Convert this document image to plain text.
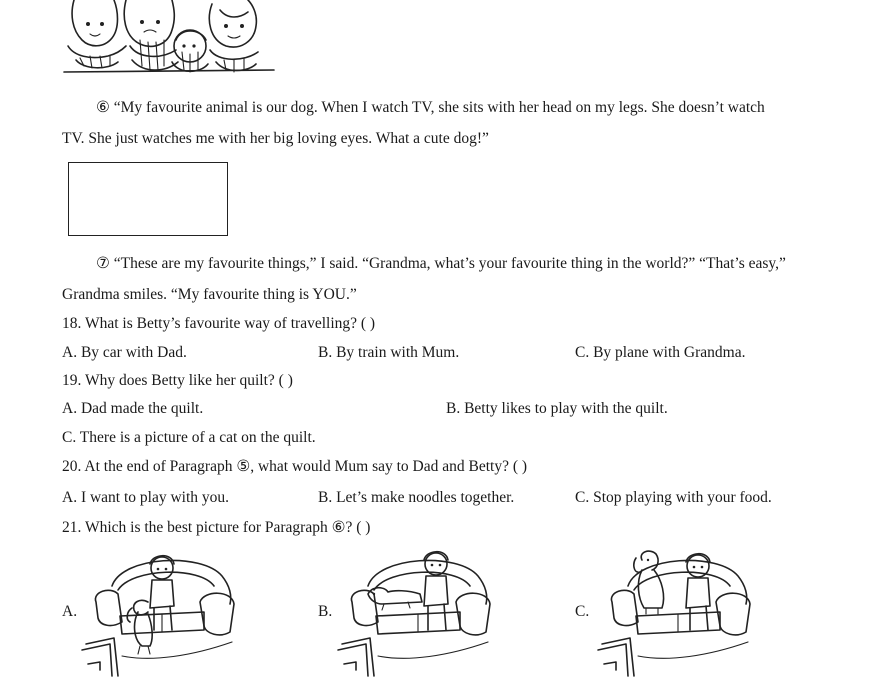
⑥ “My favourite animal is our dog. When I watch TV, she sits with her head on my legs. She doesn’t watch
TV. She just watches me with her big loving eyes. What a cute dog!”
⑦ “These are my favourite things,” I said. “Grandma, what’s your favourite thing in the world?” “That’s easy,”
Grandma smiles. “My favourite thing is YOU.”
18. What is Betty’s favourite way of travelling? ( )
A. By car with Dad.	B. By train with Mum.	C. By plane with Grandma.
19. Why does Betty like her quilt? ( )
A. Dad made the quilt.	B. Betty likes to play with the quilt.
C. There is a picture of a cat on the quilt.
20. At the end of Paragraph ⑤, what would Mum say to Dad and Betty? ( )
A. I want to play with you.	B. Let’s make noodles together.	C. Stop playing with your food.
21. Which is the best picture for Paragraph ⑥? ( )
A.	B.	C.
